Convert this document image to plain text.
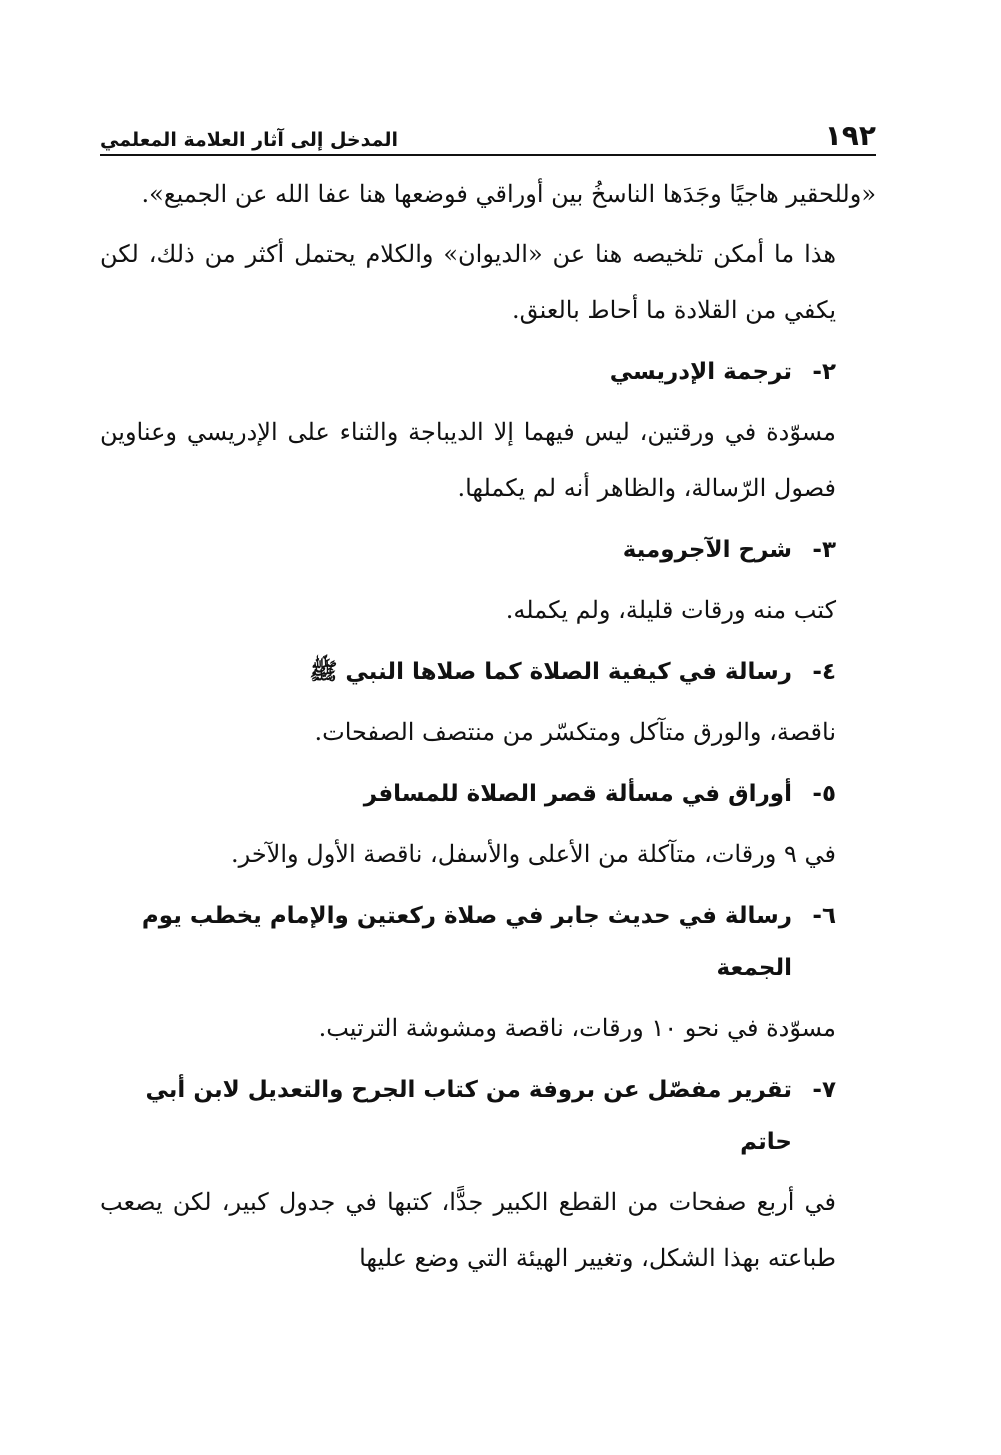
١٩٢
المدخل إلى آثار العلامة المعلمي

«وللحقير هاجيًا وجَدَها الناسخُ بين أوراقي فوضعها هنا عفا الله عن الجميع».

هذا ما أمكن تلخيصه هنا عن «الديوان» والكلام يحتمل أكثر من ذلك، لكن يكفي من القلادة ما أحاط بالعنق.

٢-
ترجمة الإدريسي

مسوّدة في ورقتين، ليس فيهما إلا الديباجة والثناء على الإدريسي وعناوين فصول الرّسالة، والظاهر أنه لم يكملها.

٣-
شرح الآجرومية

كتب منه ورقات قليلة، ولم يكمله.

٤-
رسالة في كيفية الصلاة كما صلاها النبي ﷺ

ناقصة، والورق متآكل ومتكسّر من منتصف الصفحات.

٥-
أوراق في مسألة قصر الصلاة للمسافر

في ٩ ورقات، متآكلة من الأعلى والأسفل، ناقصة الأول والآخر.

٦-
رسالة في حديث جابر في صلاة ركعتين والإمام يخطب يوم الجمعة

مسوّدة في نحو ١٠ ورقات، ناقصة ومشوشة الترتيب.

٧-
تقرير مفصّل عن بروفة من كتاب الجرح والتعديل لابن أبي حاتم

في أربع صفحات من القطع الكبير جدًّا، كتبها في جدول كبير، لكن يصعب طباعته بهذا الشكل، وتغيير الهيئة التي وضع عليها
